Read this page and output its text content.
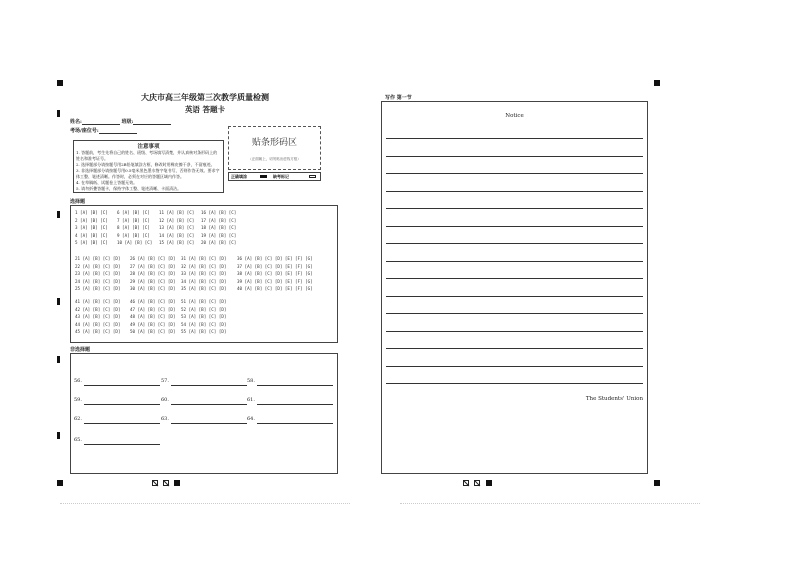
大庆市高三年级第三次教学质量检测
英语 答题卡
姓名:	班级:
考场/座位号:
注意事项
1. 答题前，考生先将自己的姓名、班级、考场填写清楚，并认真核对条形码上的姓名和准考证号。
2. 选择题部分请按题号用2B铅笔填涂方框，修改时用橡皮擦干净，不留痕迹。
3. 非选择题部分请按题号用0.5毫米黑色墨水签字笔书写，否则作答无效。要求字体工整、笔迹清晰。作答时，必须在对应的答题区域内作答。
4. 在草稿纸、试题卷上答题无效。
5. 请勿折叠答题卡，保持字体工整、笔迹清晰、卡面清洁。
贴条形码区
（正面朝上，切勿贴出虚线方框）
正确填涂	缺考标记
选择题
1 [A] [B] [C] 6 [A] [B] [C] 11 [A] [B] [C] 16 [A] [B] [C]
2 [A] [B] [C] 7 [A] [B] [C] 12 [A] [B] [C] 17 [A] [B] [C]
3 [A] [B] [C] 8 [A] [B] [C] 13 [A] [B] [C] 18 [A] [B] [C]
4 [A] [B] [C] 9 [A] [B] [C] 14 [A] [B] [C] 19 [A] [B] [C]
5 [A] [B] [C] 10 [A] [B] [C] 15 [A] [B] [C] 20 [A] [B] [C]
21 [A] [B] [C] [D] 26 [A] [B] [C] [D] 31 [A] [B] [C] [D]	36 [A] [B] [C] [D] [E] [F] [G]
22 [A] [B] [C] [D] 27 [A] [B] [C] [D] 32 [A] [B] [C] [D]	37 [A] [B] [C] [D] [E] [F] [G]
23 [A] [B] [C] [D] 28 [A] [B] [C] [D] 33 [A] [B] [C] [D]	38 [A] [B] [C] [D] [E] [F] [G]
24 [A] [B] [C] [D] 29 [A] [B] [C] [D] 34 [A] [B] [C] [D]	39 [A] [B] [C] [D] [E] [F] [G]
25 [A] [B] [C] [D] 30 [A] [B] [C] [D] 35 [A] [B] [C] [D]	40 [A] [B] [C] [D] [E] [F] [G]
41 [A] [B] [C] [D] 46 [A] [B] [C] [D] 51 [A] [B] [C] [D]
42 [A] [B] [C] [D] 47 [A] [B] [C] [D] 52 [A] [B] [C] [D]
43 [A] [B] [C] [D] 48 [A] [B] [C] [D] 53 [A] [B] [C] [D]
44 [A] [B] [C] [D] 49 [A] [B] [C] [D] 54 [A] [B] [C] [D]
45 [A] [B] [C] [D] 50 [A] [B] [C] [D] 55 [A] [B] [C] [D]
非选择题
56.	57.	58.
59.	60.	61.
62.	63.	64.
65.
写作 第一节
Notice
The Students' Union
